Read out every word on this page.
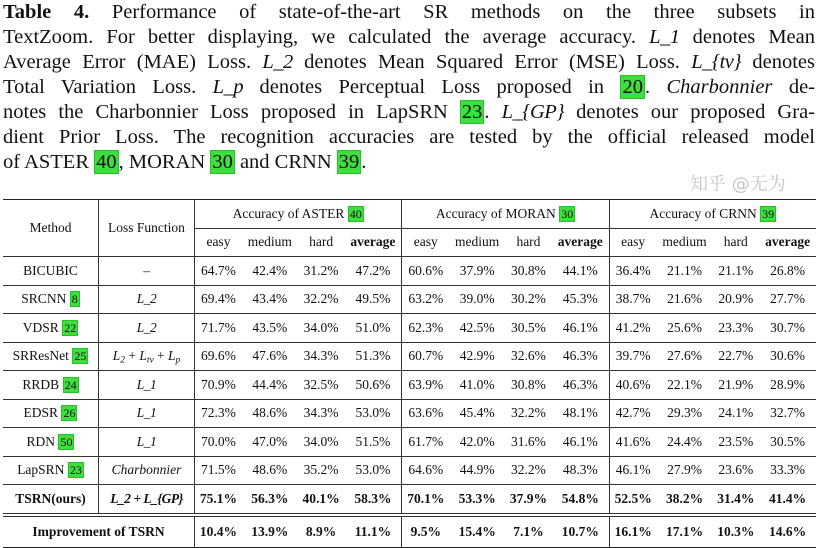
Table 4. Performance of state-of-the-art SR methods on the three subsets in
TextZoom. For better displaying, we calculated the average accuracy. L_1 denotes Mean
Average Error (MAE) Loss. L_2 denotes Mean Squared Error (MSE) Loss. L_{tv} denotes
Total Variation Loss. L_p denotes Perceptual Loss proposed in 20. Charbonnier de-
notes the Charbonnier Loss proposed in LapSRN 23. L_{GP} denotes our proposed Gra-
dient Prior Loss. The recognition accuracies are tested by the official released model
of ASTER 40, MORAN 30 and CRNN 39.
Method	Loss Function	Accuracy of ASTER 40				Accuracy of MORAN 30				Accuracy of CRNN 39			
		easy	medium	hard	average	easy	medium	hard	average	easy	medium	hard	average
BICUBIC	–	64.7%	42.4%	31.2%	47.2%	60.6%	37.9%	30.8%	44.1%	36.4%	21.1%	21.1%	26.8%
SRCNN 8	L_2	69.4%	43.4%	32.2%	49.5%	63.2%	39.0%	30.2%	45.3%	38.7%	21.6%	20.9%	27.7%
VDSR 22	L_2	71.7%	43.5%	34.0%	51.0%	62.3%	42.5%	30.5%	46.1%	41.2%	25.6%	23.3%	30.7%
SRResNet 25	$L_2 + L_{tv} + L_p$	69.6%	47.6%	34.3%	51.3%	60.7%	42.9%	32.6%	46.3%	39.7%	27.6%	22.7%	30.6%
RRDB 24	L_1	70.9%	44.4%	32.5%	50.6%	63.9%	41.0%	30.8%	46.3%	40.6%	22.1%	21.9%	28.9%
EDSR 26	L_1	72.3%	48.6%	34.3%	53.0%	63.6%	45.4%	32.2%	48.1%	42.7%	29.3%	24.1%	32.7%
RDN 50	L_1	70.0%	47.0%	34.0%	51.5%	61.7%	42.0%	31.6%	46.1%	41.6%	24.4%	23.5%	30.5%
LapSRN 23	Charbonnier	71.5%	48.6%	35.2%	53.0%	64.6%	44.9%	32.2%	48.3%	46.1%	27.9%	23.6%	33.3%
TSRN(ours)	L_2 + L_{GP}	75.1%	56.3%	40.1%	58.3%	70.1%	53.3%	37.9%	54.8%	52.5%	38.2%	31.4%	41.4%
Improvement of TSRN		10.4%	13.9%	8.9%	11.1%	9.5%	15.4%	7.1%	10.7%	16.1%	17.1%	10.3%	14.6%
知乎 @无为
